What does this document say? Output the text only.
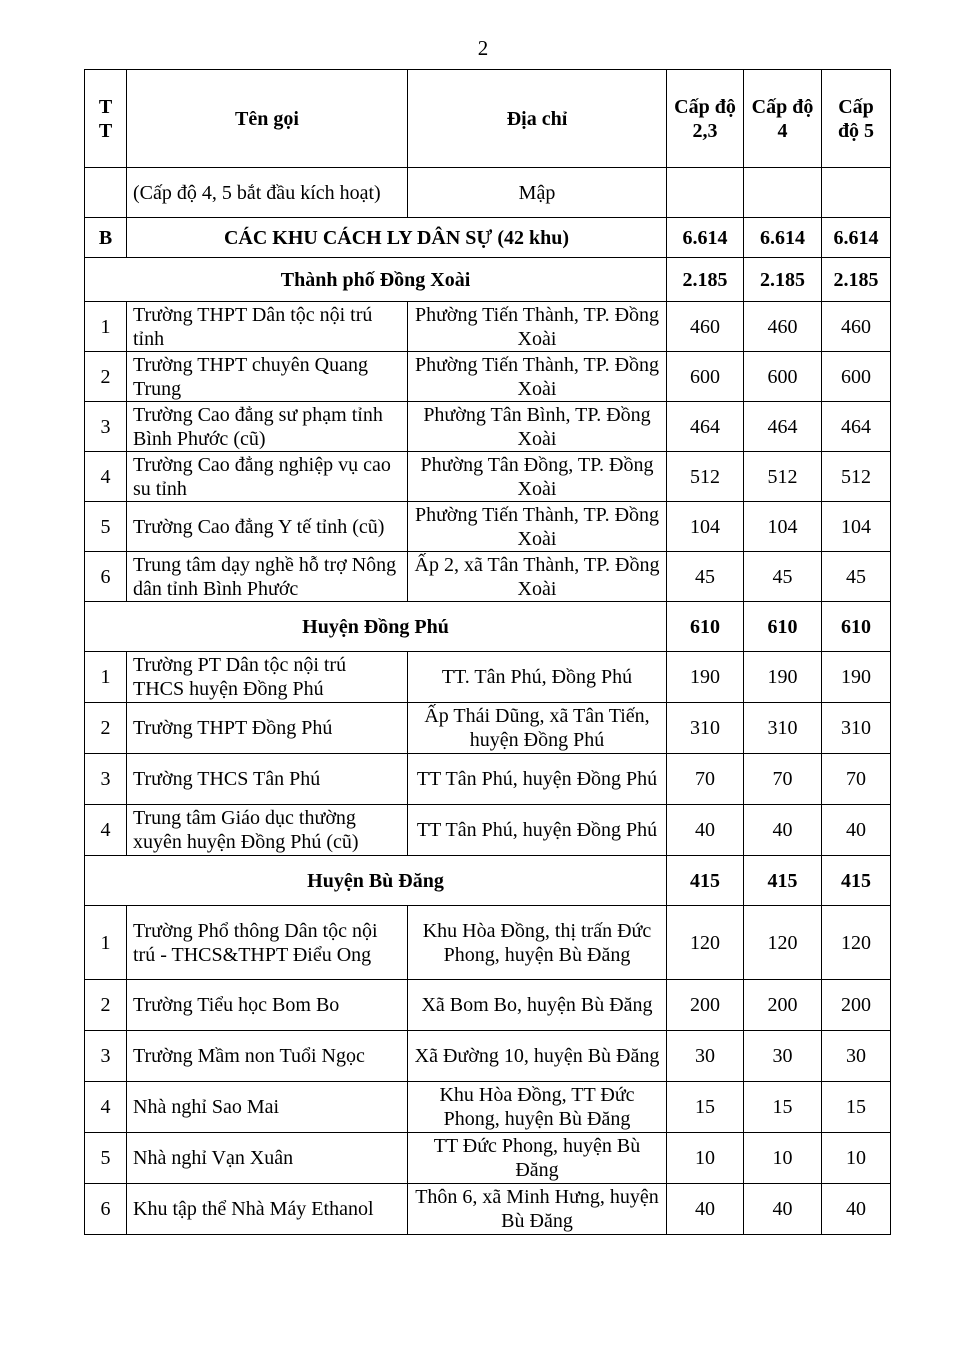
2
T T	Tên gọi	Địa chỉ	Cấp độ 2,3	Cấp độ 4	Cấp độ 5
	(Cấp độ 4, 5 bắt đầu kích hoạt)	Mập			
B	CÁC KHU CÁCH LY DÂN SỰ (42 khu)		6.614	6.614	6.614
Thành phố Đồng Xoài			2.185	2.185	2.185
1	Trường THPT Dân tộc nội trú tỉnh	Phường Tiến Thành, TP. Đồng Xoài	460	460	460
2	Trường THPT chuyên Quang Trung	Phường Tiến Thành, TP. Đồng Xoài	600	600	600
3	Trường Cao đẳng sư phạm tỉnh Bình Phước (cũ)	Phường Tân Bình, TP. Đồng Xoài	464	464	464
4	Trường Cao đẳng nghiệp vụ cao su tỉnh	Phường Tân Đồng, TP. Đồng Xoài	512	512	512
5	Trường Cao đẳng Y tế tỉnh (cũ)	Phường Tiến Thành, TP. Đồng Xoài	104	104	104
6	Trung tâm dạy nghề hỗ trợ Nông dân tỉnh Bình Phước	Ấp 2, xã Tân Thành, TP. Đồng Xoài	45	45	45
Huyện Đồng Phú			610	610	610
1	Trường PT Dân tộc nội trú THCS huyện Đồng Phú	TT. Tân Phú, Đồng Phú	190	190	190
2	Trường THPT Đồng Phú	Ấp Thái Dũng, xã Tân Tiến, huyện Đồng Phú	310	310	310
3	Trường THCS Tân Phú	TT Tân Phú, huyện Đồng Phú	70	70	70
4	Trung tâm Giáo dục thường xuyên huyện Đồng Phú (cũ)	TT Tân Phú, huyện Đồng Phú	40	40	40
Huyện Bù Đăng			415	415	415
1	Trường Phổ thông Dân tộc nội trú - THCS&THPT Điểu Ong	Khu Hòa Đồng, thị trấn Đức Phong, huyện Bù Đăng	120	120	120
2	Trường Tiểu học Bom Bo	Xã Bom Bo, huyện Bù Đăng	200	200	200
3	Trường Mầm non Tuổi Ngọc	Xã Đường 10, huyện Bù Đăng	30	30	30
4	Nhà nghỉ Sao Mai	Khu Hòa Đồng, TT Đức Phong, huyện Bù Đăng	15	15	15
5	Nhà nghỉ Vạn Xuân	TT Đức Phong, huyện Bù Đăng	10	10	10
6	Khu tập thể Nhà Máy Ethanol	Thôn 6, xã Minh Hưng, huyện Bù Đăng	40	40	40
